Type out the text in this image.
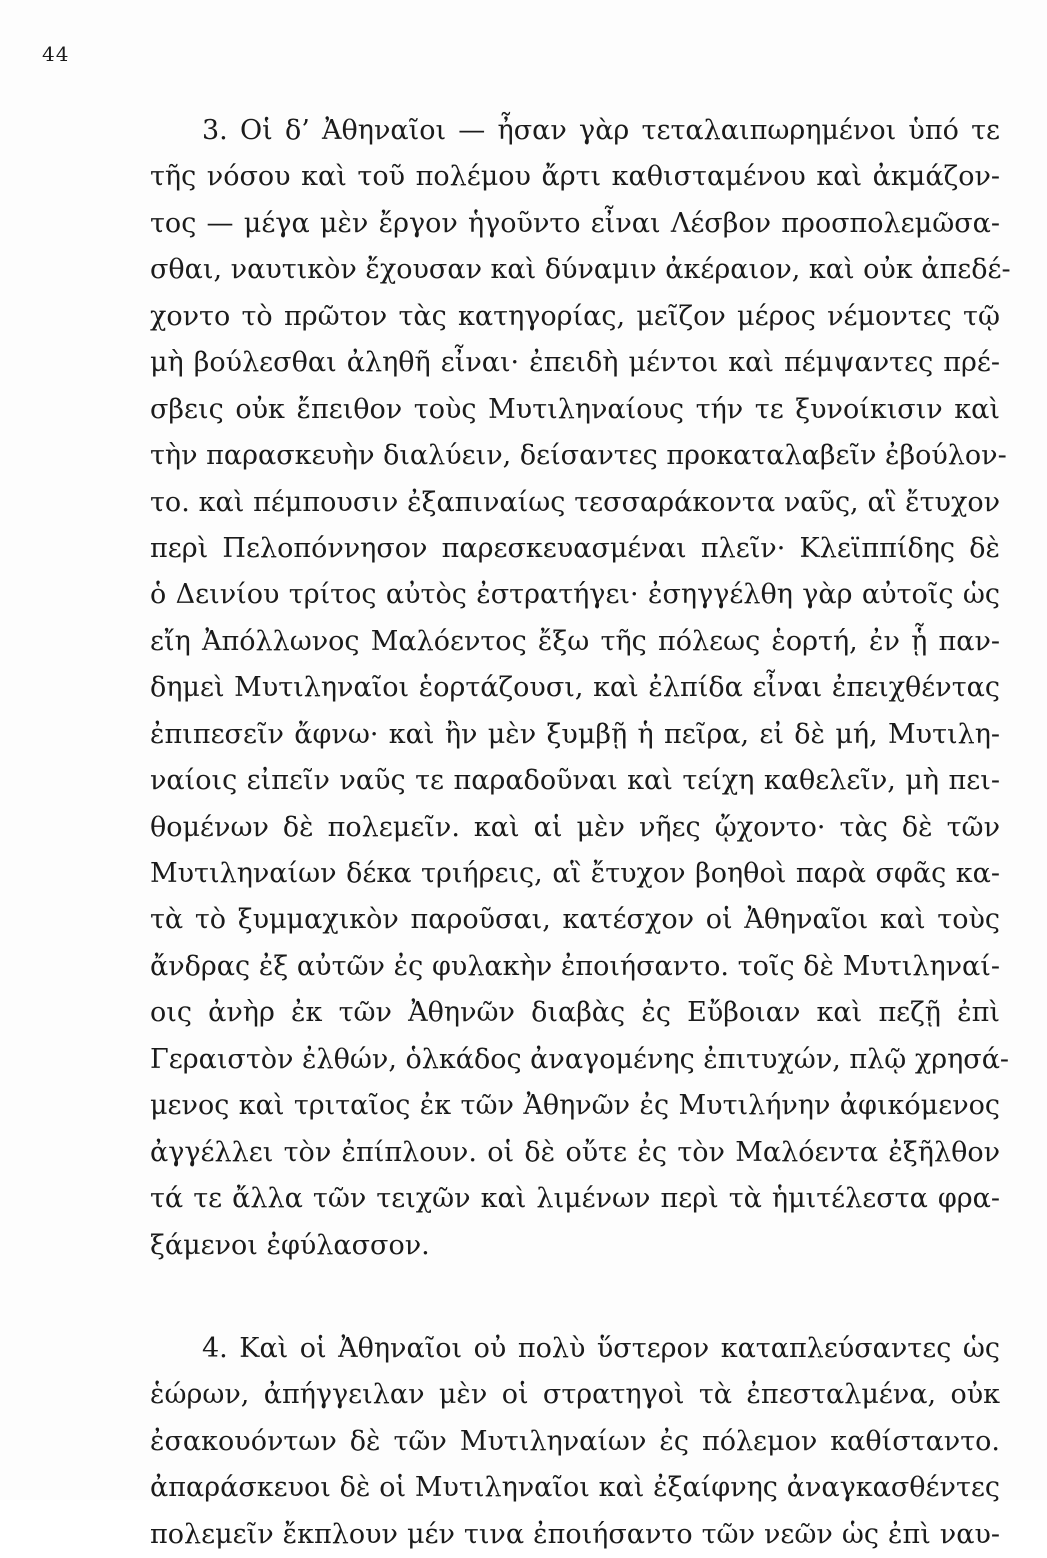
44
3. Οἱ δ’ Ἀθηναῖοι — ἦσαν γὰρ τεταλαιπωρημένοι ὑπό τε
τῆς νόσου καὶ τοῦ πολέμου ἄρτι καθισταμένου καὶ ἀκμάζον-
τος — μέγα μὲν ἔργον ἡγοῦντο εἶναι Λέσβον προσπολεμῶσα-
σθαι, ναυτικὸν ἔχουσαν καὶ δύναμιν ἀκέραιον, καὶ οὐκ ἀπεδέ-
χοντο τὸ πρῶτον τὰς κατηγορίας, μεῖζον μέρος νέμοντες τῷ
μὴ βούλεσθαι ἀληθῆ εἶναι· ἐπειδὴ μέντοι καὶ πέμψαντες πρέ-
σβεις οὐκ ἔπειθον τοὺς Μυτιληναίους τήν τε ξυνοίκισιν καὶ
τὴν παρασκευὴν διαλύειν, δείσαντες προκαταλαβεῖν ἐβούλον-
το. καὶ πέμπουσιν ἐξαπιναίως τεσσαράκοντα ναῦς, αἳ ἔτυχον
περὶ Πελοπόννησον παρεσκευασμέναι πλεῖν· Κλεϊππίδης δὲ
ὁ Δεινίου τρίτος αὐτὸς ἐστρατήγει· ἐσηγγέλθη γὰρ αὐτοῖς ὡς
εἴη Ἀπόλλωνος Μαλόεντος ἔξω τῆς πόλεως ἑορτή, ἐν ᾗ παν-
δημεὶ Μυτιληναῖοι ἑορτάζουσι, καὶ ἐλπίδα εἶναι ἐπειχθέντας
ἐπιπεσεῖν ἄφνω· καὶ ἢν μὲν ξυμβῇ ἡ πεῖρα, εἰ δὲ μή, Μυτιλη-
ναίοις εἰπεῖν ναῦς τε παραδοῦναι καὶ τείχη καθελεῖν, μὴ πει-
θομένων δὲ πολεμεῖν. καὶ αἱ μὲν νῆες ᾤχοντο· τὰς δὲ τῶν
Μυτιληναίων δέκα τριήρεις, αἳ ἔτυχον βοηθοὶ παρὰ σφᾶς κα-
τὰ τὸ ξυμμαχικὸν παροῦσαι, κατέσχον οἱ Ἀθηναῖοι καὶ τοὺς
ἄνδρας ἐξ αὐτῶν ἐς φυλακὴν ἐποιήσαντο. τοῖς δὲ Μυτιληναί-
οις ἀνὴρ ἐκ τῶν Ἀθηνῶν διαβὰς ἐς Εὔβοιαν καὶ πεζῇ ἐπὶ
Γεραιστὸν ἐλθών, ὁλκάδος ἀναγομένης ἐπιτυχών, πλῷ χρησά-
μενος καὶ τριταῖος ἐκ τῶν Ἀθηνῶν ἐς Μυτιλήνην ἀφικόμενος
ἀγγέλλει τὸν ἐπίπλουν. οἱ δὲ οὔτε ἐς τὸν Μαλόεντα ἐξῆλθον
τά τε ἄλλα τῶν τειχῶν καὶ λιμένων περὶ τὰ ἡμιτέλεστα φρα-
ξάμενοι ἐφύλασσον.
4. Καὶ οἱ Ἀθηναῖοι οὐ πολὺ ὕστερον καταπλεύσαντες ὡς
ἑώρων, ἀπήγγειλαν μὲν οἱ στρατηγοὶ τὰ ἐπεσταλμένα, οὐκ
ἐσακουόντων δὲ τῶν Μυτιληναίων ἐς πόλεμον καθίσταντο.
ἀπαράσκευοι δὲ οἱ Μυτιληναῖοι καὶ ἐξαίφνης ἀναγκασθέντες
πολεμεῖν ἔκπλουν μέν τινα ἐποιήσαντο τῶν νεῶν ὡς ἐπὶ ναυ-
